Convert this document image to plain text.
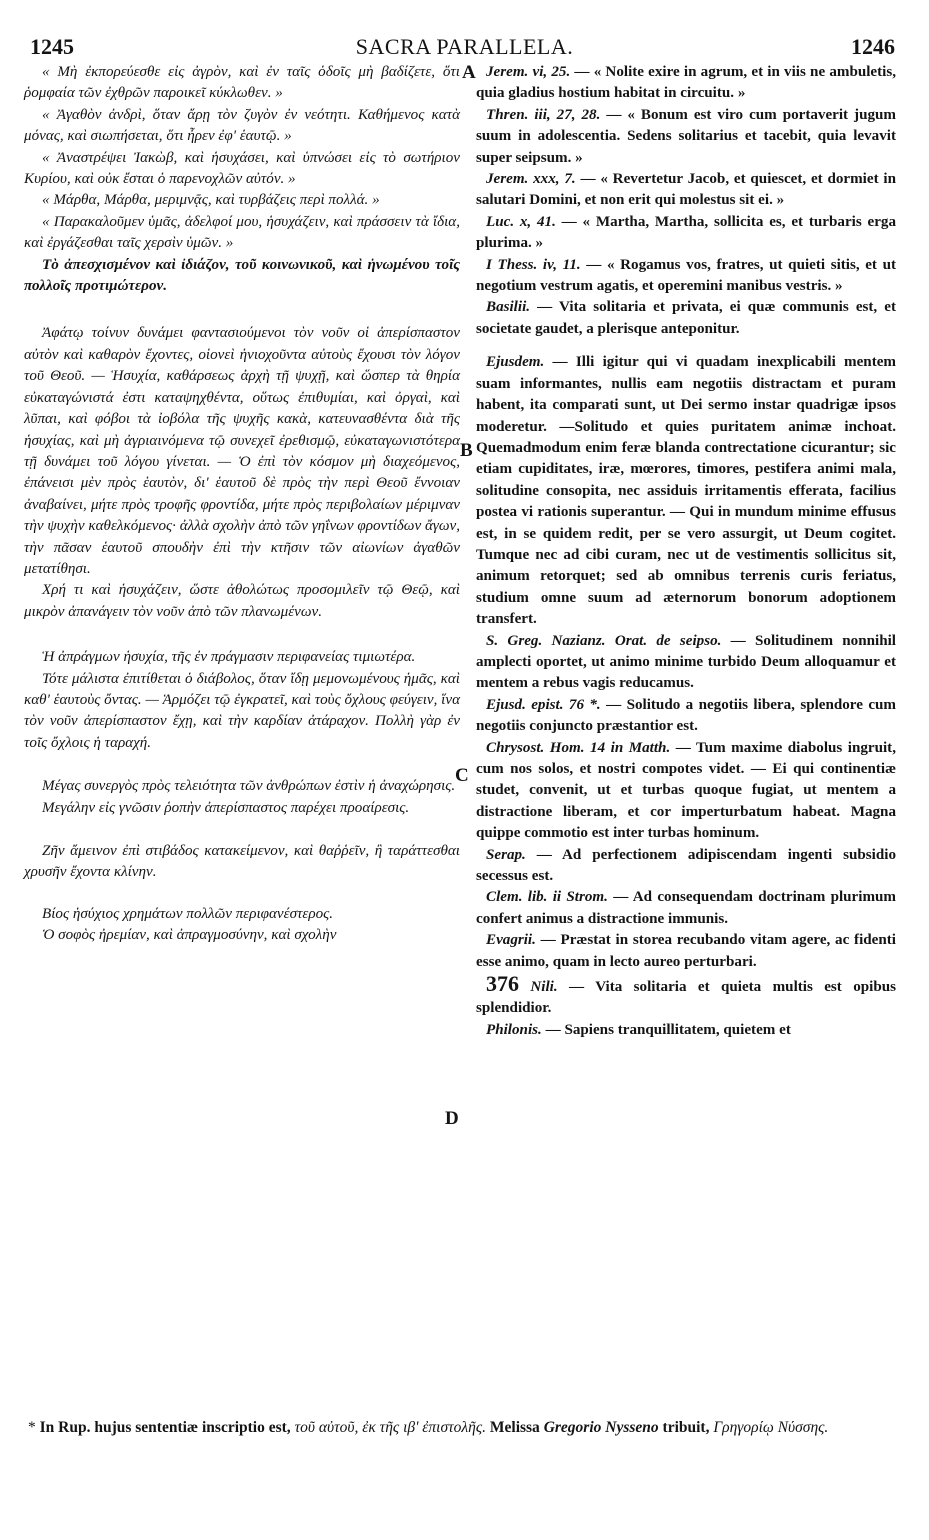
1245	SACRA PARALLELA.	1246
A
B
C
D

« Μὴ ἐκπορεύεσθε εἰς ἀγρὸν, καὶ ἐν ταῖς ὁδοῖς μὴ βαδίζετε, ὅτι ῥομφαία τῶν ἐχθρῶν παροικεῖ κύκλωθεν. »

« Ἀγαθὸν ἀνδρὶ, ὅταν ἄρῃ τὸν ζυγὸν ἐν νεότητι. Καθήμενος κατὰ μόνας, καὶ σιωπήσεται, ὅτι ἦρεν ἐφ' ἑαυτῷ. »

« Ἀναστρέψει Ἰακὼβ, καὶ ἡσυχάσει, καὶ ὑπνώσει εἰς τὸ σωτήριον Κυρίου, καὶ οὐκ ἔσται ὁ παρενοχλῶν αὐτόν. »

« Μάρθα, Μάρθα, μεριμνᾷς, καὶ τυρβάζεις περὶ πολλά. »

« Παρακαλοῦμεν ὑμᾶς, ἀδελφοί μου, ἡσυχάζειν, καὶ πράσσειν τὰ ἴδια, καὶ ἐργάζεσθαι ταῖς χερσὶν ὑμῶν. »

Τὸ ἀπεσχισμένον καὶ ἰδιάζον, τοῦ κοινωνικοῦ, καὶ ἡνωμένου τοῖς πολλοῖς προτιμώτερον.

Ἀφάτῳ τοίνυν δυνάμει φαντασιούμενοι τὸν νοῦν οἱ ἀπερίσπαστον αὐτὸν καὶ καθαρὸν ἔχοντες, οἱονεὶ ἡνιοχοῦντα αὐτοὺς ἔχουσι τὸν λόγον τοῦ Θεοῦ. — Ἡσυχία, καθάρσεως ἀρχὴ τῇ ψυχῇ, καὶ ὥσπερ τὰ θηρία εὐκαταγώνιστά ἐστι καταψηχθέντα, οὕτως ἐπιθυμίαι, καὶ ὀργαὶ, καὶ λῦπαι, καὶ φόβοι τὰ ἰοβόλα τῆς ψυχῆς κακὰ, κατευνασθέντα διὰ τῆς ἡσυχίας, καὶ μὴ ἀγριαινόμενα τῷ συνεχεῖ ἐρεθισμῷ, εὐκαταγωνιστότερα τῇ δυνάμει τοῦ λόγου γίνεται. — Ὁ ἐπὶ τὸν κόσμον μὴ διαχεόμενος, ἐπάνεισι μὲν πρὸς ἑαυτὸν, δι' ἑαυτοῦ δὲ πρὸς τὴν περὶ Θεοῦ ἔννοιαν ἀναβαίνει, μήτε πρὸς τροφῆς φροντίδα, μήτε πρὸς περιβολαίων μέριμναν τὴν ψυχὴν καθελκόμενος· ἀλλὰ σχολὴν ἀπὸ τῶν γηΐνων φροντίδων ἄγων, τὴν πᾶσαν ἑαυτοῦ σπουδὴν ἐπὶ τὴν κτῆσιν τῶν αἰωνίων ἀγαθῶν μετατίθησι.

Χρή τι καὶ ἡσυχάζειν, ὥστε ἀθολώτως προσομιλεῖν τῷ Θεῷ, καὶ μικρὸν ἀπανάγειν τὸν νοῦν ἀπὸ τῶν πλανωμένων.

Ἡ ἀπράγμων ἡσυχία, τῆς ἐν πράγμασιν περιφανείας τιμιωτέρα.

Τότε μάλιστα ἐπιτίθεται ὁ διάβολος, ὅταν ἴδῃ μεμονωμένους ἡμᾶς, καὶ καθ' ἑαυτοὺς ὄντας. — Ἁρμόζει τῷ ἐγκρατεῖ, καὶ τοὺς ὄχλους φεύγειν, ἵνα τὸν νοῦν ἀπερίσπαστον ἔχῃ, καὶ τὴν καρδίαν ἀτάραχον. Πολλὴ γὰρ ἐν τοῖς ὄχλοις ἡ ταραχή.

Μέγας συνεργὸς πρὸς τελειότητα τῶν ἀνθρώπων ἐστὶν ἡ ἀναχώρησις.

Μεγάλην εἰς γνῶσιν ῥοπὴν ἀπερίσπαστος παρέχει προαίρεσις.

Ζῆν ἄμεινον ἐπὶ στιβάδος κατακείμενον, καὶ θαῤῥεῖν, ἢ ταράττεσθαι χρυσῆν ἔχοντα κλίνην.

Βίος ἡσύχιος χρημάτων πολλῶν περιφανέστερος.

Ὁ σοφὸς ἠρεμίαν, καὶ ἀπραγμοσύνην, καὶ σχολὴν

Jerem. vi, 25. — « Nolite exire in agrum, et in viis ne ambuletis, quia gladius hostium habitat in circuitu. »

Thren. iii, 27, 28. — « Bonum est viro cum portaverit jugum suum in adolescentia. Sedens solitarius et tacebit, quia levavit super seipsum. »

Jerem. xxx, 7. — « Revertetur Jacob, et quiescet, et dormiet in salutari Domini, et non erit qui molestus sit ei. »

Luc. x, 41. — « Martha, Martha, sollicita es, et turbaris erga plurima. »

I Thess. iv, 11. — « Rogamus vos, fratres, ut quieti sitis, et ut negotium vestrum agatis, et operemini manibus vestris. »

Basilii. — Vita solitaria et privata, ei quæ communis est, et societate gaudet, a plerisque anteponitur.

Ejusdem. — Illi igitur qui vi quadam inexplicabili mentem suam informantes, nullis eam negotiis distractam et puram habent, ita comparati sunt, ut Dei sermo instar quadrigæ ipsos moderetur. —Solitudo et quies puritatem animæ inchoat. Quemadmodum enim feræ blanda contrectatione cicurantur; sic etiam cupiditates, iræ, mœrores, timores, pestifera animi mala, solitudine consopita, nec assiduis irritamentis efferata, facilius postea vi rationis superantur. — Qui in mundum minime effusus est, in se quidem redit, per se vero assurgit, ut Deum cogitet. Tumque nec ad cibi curam, nec ut de vestimentis sollicitus sit, animum retorquet; sed ab omnibus terrenis curis feriatus, studium omne suum ad æternorum bonorum adoptionem transfert.

S. Greg. Nazianz. Orat. de seipso. — Solitudinem nonnihil amplecti oportet, ut animo minime turbido Deum alloquamur et mentem a rebus vagis reducamus.

Ejusd. epist. 76 *. — Solitudo a negotiis libera, splendore cum negotiis conjuncto præstantior est.

Chrysost. Hom. 14 in Matth. — Tum maxime diabolus ingruit, cum nos solos, et nostri compotes videt. — Ei qui continentiæ studet, convenit, ut et turbas quoque fugiat, ut mentem a distractione liberam, et cor imperturbatum habeat. Magna quippe commotio est inter turbas hominum.

Serap. — Ad perfectionem adipiscendam ingenti subsidio secessus est.

Clem. lib. ii Strom. — Ad consequendam doctrinam plurimum confert animus a distractione immunis.

Evagrii. — Præstat in storea recubando vitam agere, ac fidenti esse animo, quam in lecto aureo perturbari.

376 Nili. — Vita solitaria et quieta multis est opibus splendidior.

Philonis. — Sapiens tranquillitatem, quietem et

* In Rup. hujus sententiæ inscriptio est, τοῦ αὐτοῦ, ἐκ τῆς ιβ' ἐπιστολῆς. Melissa Gregorio Nysseno tribuit, Γρηγορίῳ Νύσσης.
